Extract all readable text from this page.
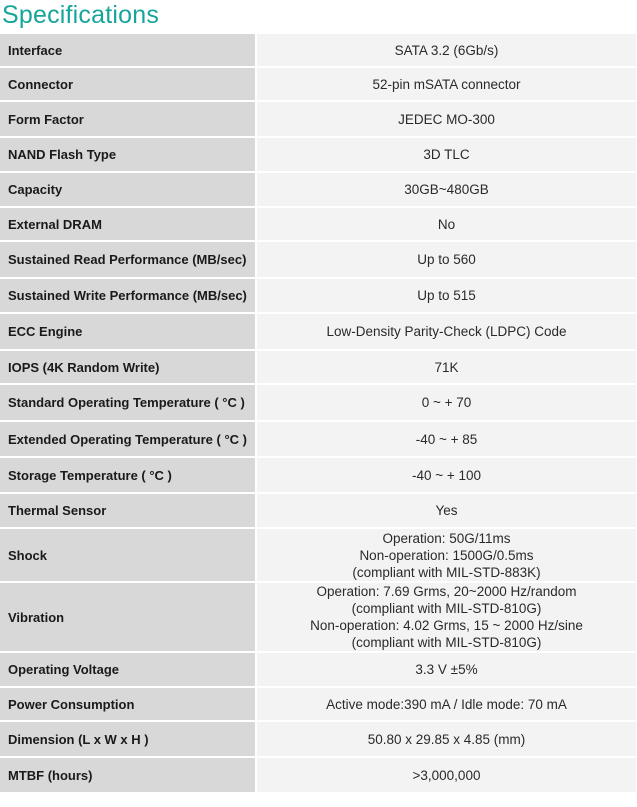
Specifications
Interface	SATA 3.2 (6Gb/s)

Connector	52-pin mSATA connector

Form Factor	JEDEC MO-300

NAND Flash Type	3D TLC

Capacity	30GB~480GB

External DRAM	No

Sustained Read Performance (MB/sec)	Up to 560

Sustained Write Performance (MB/sec)	Up to 515

ECC Engine	Low-Density Parity-Check (LDPC) Code

IOPS (4K Random Write)	71K

Standard Operating Temperature ( °C )	0 ~ + 70

Extended Operating Temperature ( °C )	-40 ~ + 85

Storage Temperature ( °C )	-40 ~ + 100

Thermal Sensor	Yes

Shock	Operation: 50G/11ms
Non-operation: 1500G/0.5ms
(compliant with MIL-STD-883K)

Vibration	Operation: 7.69 Grms, 20~2000 Hz/random
(compliant with MIL-STD-810G)
Non-operation: 4.02 Grms, 15 ~ 2000 Hz/sine
(compliant with MIL-STD-810G)

Operating Voltage	3.3 V ±5%

Power Consumption	Active mode:390 mA / Idle mode: 70 mA

Dimension (L x W x H )	50.80 x 29.85 x 4.85 (mm)

MTBF (hours)	>3,000,000
